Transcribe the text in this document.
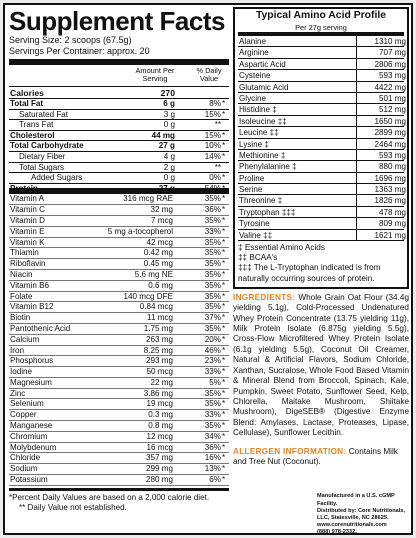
Supplement Facts
Serving Size: 2 scoops (67.5g)
Servings Per Container: approx. 20
Amount Per Serving
% Daily Value
Calories	270
Total Fat	6 g	8% *
Saturated Fat	3 g	15% *
Trans Fat	0 g	**
Cholesterol	44 mg	15% *
Total Carbohydrate	27 g	10% *
Dietary Fiber	4 g	14% *
Total Sugars	2 g	**
Added Sugars	0 g	0% *
Protein	27 g	54% *
Vitamin A	316 mcg RAE	35% *
Vitamin C	32 mg	36% *
Vitamin D	7 mcg	35% *
Vitamin E	5 mg a-tocopherol	33% *
Vitamin K	42 mcg	35% *
Thiamin	0.42 mg	35% *
Riboflavin	0.45 mg	35% *
Niacin	5.6 mg NE	35% *
Vitamin B6	0.6 mg	35% *
Folate	140 mcg DFE	35% *
Vitamin B12	0.84 mcg	35% *
Biotin	11 mcg	37% *
Pantothenic Acid	1.75 mg	35% *
Calcium	263 mg	20% *
Iron	8.25 mg	46% *
Phosphorus	293 mg	23% *
Iodine	50 mcg	33% *
Magnesium	22 mg	5% *
Zinc	3.86 mg	35% *
Selenium	19 mcg	35% *
Copper	0.3 mg	33% *
Manganese	0.8 mg	35% *
Chromium	12 mcg	34% *
Molybdenum	16 mcg	36% *
Chloride	357 mg	16% *
Sodium	299 mg	13% *
Potassium	280 mg	6% *
*Percent Daily Values are based on a 2,000 calorie diet.
** Daily Value not established.
Typical Amino Acid Profile
Per 27g serving
Alanine	1310 mg
Arginine	707 mg
Aspartic Acid	2806 mg
Cysteine	593 mg
Glutamic Acid	4422 mg
Glycine	501 mg
Histidine ‡	512 mg
Isoleucine ‡‡	1650 mg
Leucine ‡‡	2899 mg
Lysine ‡	2464 mg
Methionine ‡	593 mg
Phenylalanine ‡	880 mg
Proline	1696 mg
Serine	1363 mg
Threonine ‡	1826 mg
Tryptophan ‡‡‡	478 mg
Tyrosine	809 mg
Valine ‡‡	1621 mg
‡ Essential Amino Acids
‡‡ BCAA's
‡‡‡ The L-Tryptophan indicated is from naturally occurring sources of protein.
INGREDIENTS: Whole Grain Oat Flour (34.4g yielding 5.1g), Cold-Processed Undenatured Whey Protein Concentrate (13.75 yielding 11g), Milk Protein Isolate (6.875g yielding 5.5g), Cross-Flow Microfiltered Whey Protein Isolate (6.1g yielding 5.5g), Coconut Oil Creamer, Natural & Artificial Flavors, Sodium Chloride, Xanthan, Sucralose, Whole Food Based Vitamin & Mineral Blend from Broccoli, Spinach, Kale, Pumpkin, Sweet Potato, Sunflower Seed, Kelp, Chlorella, Maitake Mushroom, Shiitake Mushroom), DigeSEB® (Digestive Enzyme Blend: Amylases, Lactase, Proteases, Lipase, Cellulase), Sunflower Lecithin.
ALLERGEN INFORMATION: Contains Milk and Tree Nut (Coconut).
Manufactured in a U.S. cGMP Facility.
Distributed by: Core Nutritionals,
LLC, Statesville, NC 28625.
www.corenutritionals.com
(888) 978-2332.
